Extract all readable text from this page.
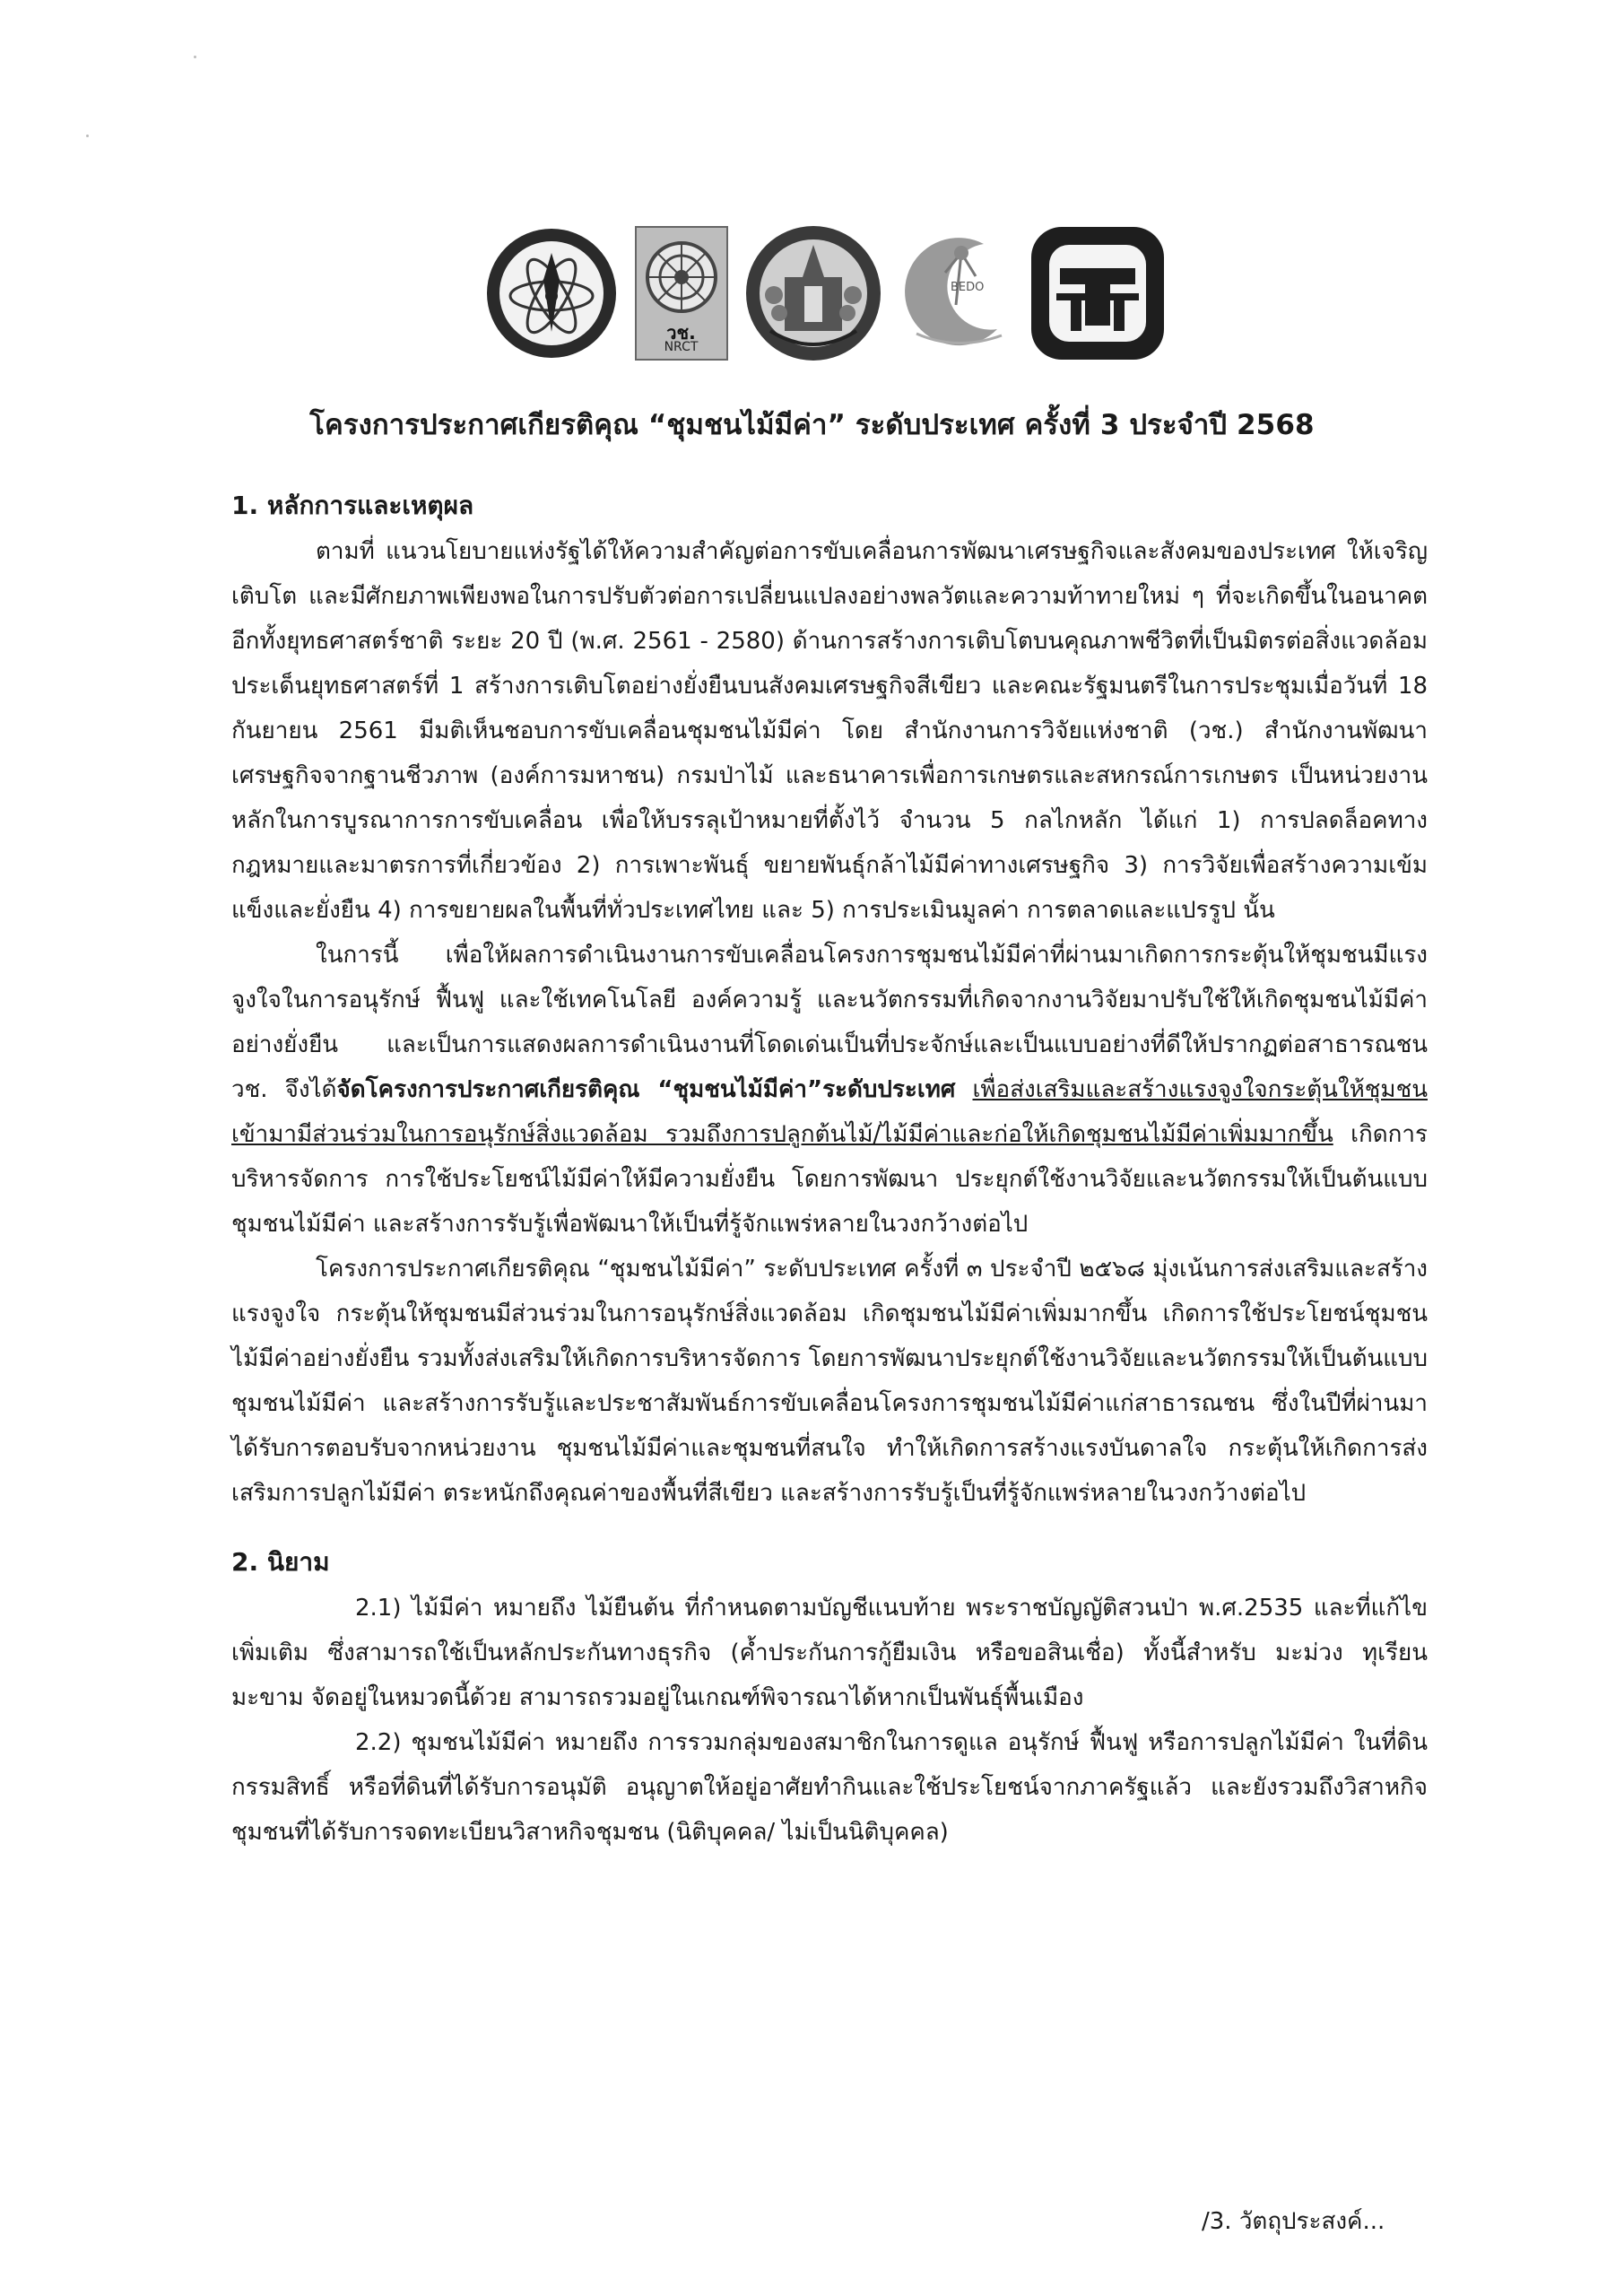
วช.
NRCT
BEDO
โครงการประกาศเกียรติคุณ “ชุมชนไม้มีค่า” ระดับประเทศ ครั้งที่ 3 ประจำปี 2568
1. หลักการและเหตุผล

ตามที่ แนวนโยบายแห่งรัฐได้ให้ความสำคัญต่อการขับเคลื่อนการพัฒนาเศรษฐกิจและสังคมของประเทศ ให้เจริญเติบโต และมีศักยภาพเพียงพอในการปรับตัวต่อการเปลี่ยนแปลงอย่างพลวัตและความท้าทายใหม่ ๆ ที่จะเกิดขึ้นในอนาคต อีกทั้งยุทธศาสตร์ชาติ ระยะ 20 ปี (พ.ศ. 2561 - 2580) ด้านการสร้างการเติบโตบนคุณภาพชีวิตที่เป็นมิตรต่อสิ่งแวดล้อม ประเด็นยุทธศาสตร์ที่ 1 สร้างการเติบโตอย่างยั่งยืนบนสังคมเศรษฐกิจสีเขียว และคณะรัฐมนตรีในการประชุมเมื่อวันที่ 18 กันยายน 2561 มีมติเห็นชอบการขับเคลื่อนชุมชนไม้มีค่า โดย สำนักงานการวิจัยแห่งชาติ (วช.) สำนักงานพัฒนาเศรษฐกิจจากฐานชีวภาพ (องค์การมหาชน) กรมป่าไม้ และธนาคารเพื่อการเกษตรและสหกรณ์การเกษตร เป็นหน่วยงานหลักในการบูรณาการการขับเคลื่อน เพื่อให้บรรลุเป้าหมายที่ตั้งไว้ จำนวน 5 กลไกหลัก ได้แก่ 1) การปลดล็อคทางกฎหมายและมาตรการที่เกี่ยวข้อง 2) การเพาะพันธุ์ ขยายพันธุ์กล้าไม้มีค่าทางเศรษฐกิจ 3) การวิจัยเพื่อสร้างความเข้มแข็งและยั่งยืน 4) การขยายผลในพื้นที่ทั่วประเทศไทย และ 5) การประเมินมูลค่า การตลาดและแปรรูป นั้น

ในการนี้ เพื่อให้ผลการดำเนินงานการขับเคลื่อนโครงการชุมชนไม้มีค่าที่ผ่านมาเกิดการกระตุ้นให้ชุมชนมีแรงจูงใจในการอนุรักษ์ ฟื้นฟู และใช้เทคโนโลยี องค์ความรู้ และนวัตกรรมที่เกิดจากงานวิจัยมาปรับใช้ให้เกิดชุมชนไม้มีค่าอย่างยั่งยืน และเป็นการแสดงผลการดำเนินงานที่โดดเด่นเป็นที่ประจักษ์และเป็นแบบอย่างที่ดีให้ปรากฏต่อสาธารณชน วช. จึงได้จัดโครงการประกาศเกียรติคุณ “ชุมชนไม้มีค่า”ระดับประเทศ เพื่อส่งเสริมและสร้างแรงจูงใจกระตุ้นให้ชุมชนเข้ามามีส่วนร่วมในการอนุรักษ์สิ่งแวดล้อม รวมถึงการปลูกต้นไม้/ไม้มีค่าและก่อให้เกิดชุมชนไม้มีค่าเพิ่มมากขึ้น เกิดการบริหารจัดการ การใช้ประโยชน์ไม้มีค่าให้มีความยั่งยืน โดยการพัฒนา ประยุกต์ใช้งานวิจัยและนวัตกรรมให้เป็นต้นแบบชุมชนไม้มีค่า และสร้างการรับรู้เพื่อพัฒนาให้เป็นที่รู้จักแพร่หลายในวงกว้างต่อไป

โครงการประกาศเกียรติคุณ “ชุมชนไม้มีค่า” ระดับประเทศ ครั้งที่ ๓ ประจำปี ๒๕๖๘ มุ่งเน้นการส่งเสริมและสร้างแรงจูงใจ กระตุ้นให้ชุมชนมีส่วนร่วมในการอนุรักษ์สิ่งแวดล้อม เกิดชุมชนไม้มีค่าเพิ่มมากขึ้น เกิดการใช้ประโยชน์ชุมชนไม้มีค่าอย่างยั่งยืน รวมทั้งส่งเสริมให้เกิดการบริหารจัดการ โดยการพัฒนาประยุกต์ใช้งานวิจัยและนวัตกรรมให้เป็นต้นแบบชุมชนไม้มีค่า และสร้างการรับรู้และประชาสัมพันธ์การขับเคลื่อนโครงการชุมชนไม้มีค่าแก่สาธารณชน ซึ่งในปีที่ผ่านมาได้รับการตอบรับจากหน่วยงาน ชุมชนไม้มีค่าและชุมชนที่สนใจ ทำให้เกิดการสร้างแรงบันดาลใจ กระตุ้นให้เกิดการส่งเสริมการปลูกไม้มีค่า ตระหนักถึงคุณค่าของพื้นที่สีเขียว และสร้างการรับรู้เป็นที่รู้จักแพร่หลายในวงกว้างต่อไป

2. นิยาม

2.1) ไม้มีค่า หมายถึง ไม้ยืนต้น ที่กำหนดตามบัญชีแนบท้าย พระราชบัญญัติสวนป่า พ.ศ.2535 และที่แก้ไขเพิ่มเติม ซึ่งสามารถใช้เป็นหลักประกันทางธุรกิจ (ค้ำประกันการกู้ยืมเงิน หรือขอสินเชื่อ) ทั้งนี้สำหรับ มะม่วง ทุเรียน มะขาม จัดอยู่ในหมวดนี้ด้วย สามารถรวมอยู่ในเกณฑ์พิจารณาได้หากเป็นพันธุ์พื้นเมือง

2.2) ชุมชนไม้มีค่า หมายถึง การรวมกลุ่มของสมาชิกในการดูแล อนุรักษ์ ฟื้นฟู หรือการปลูกไม้มีค่า ในที่ดินกรรมสิทธิ์ หรือที่ดินที่ได้รับการอนุมัติ อนุญาตให้อยู่อาศัยทำกินและใช้ประโยชน์จากภาครัฐแล้ว และยังรวมถึงวิสาหกิจชุมชนที่ได้รับการจดทะเบียนวิสาหกิจชุมชน (นิติบุคคล/ ไม่เป็นนิติบุคคล)

/3. วัตถุประสงค์...
